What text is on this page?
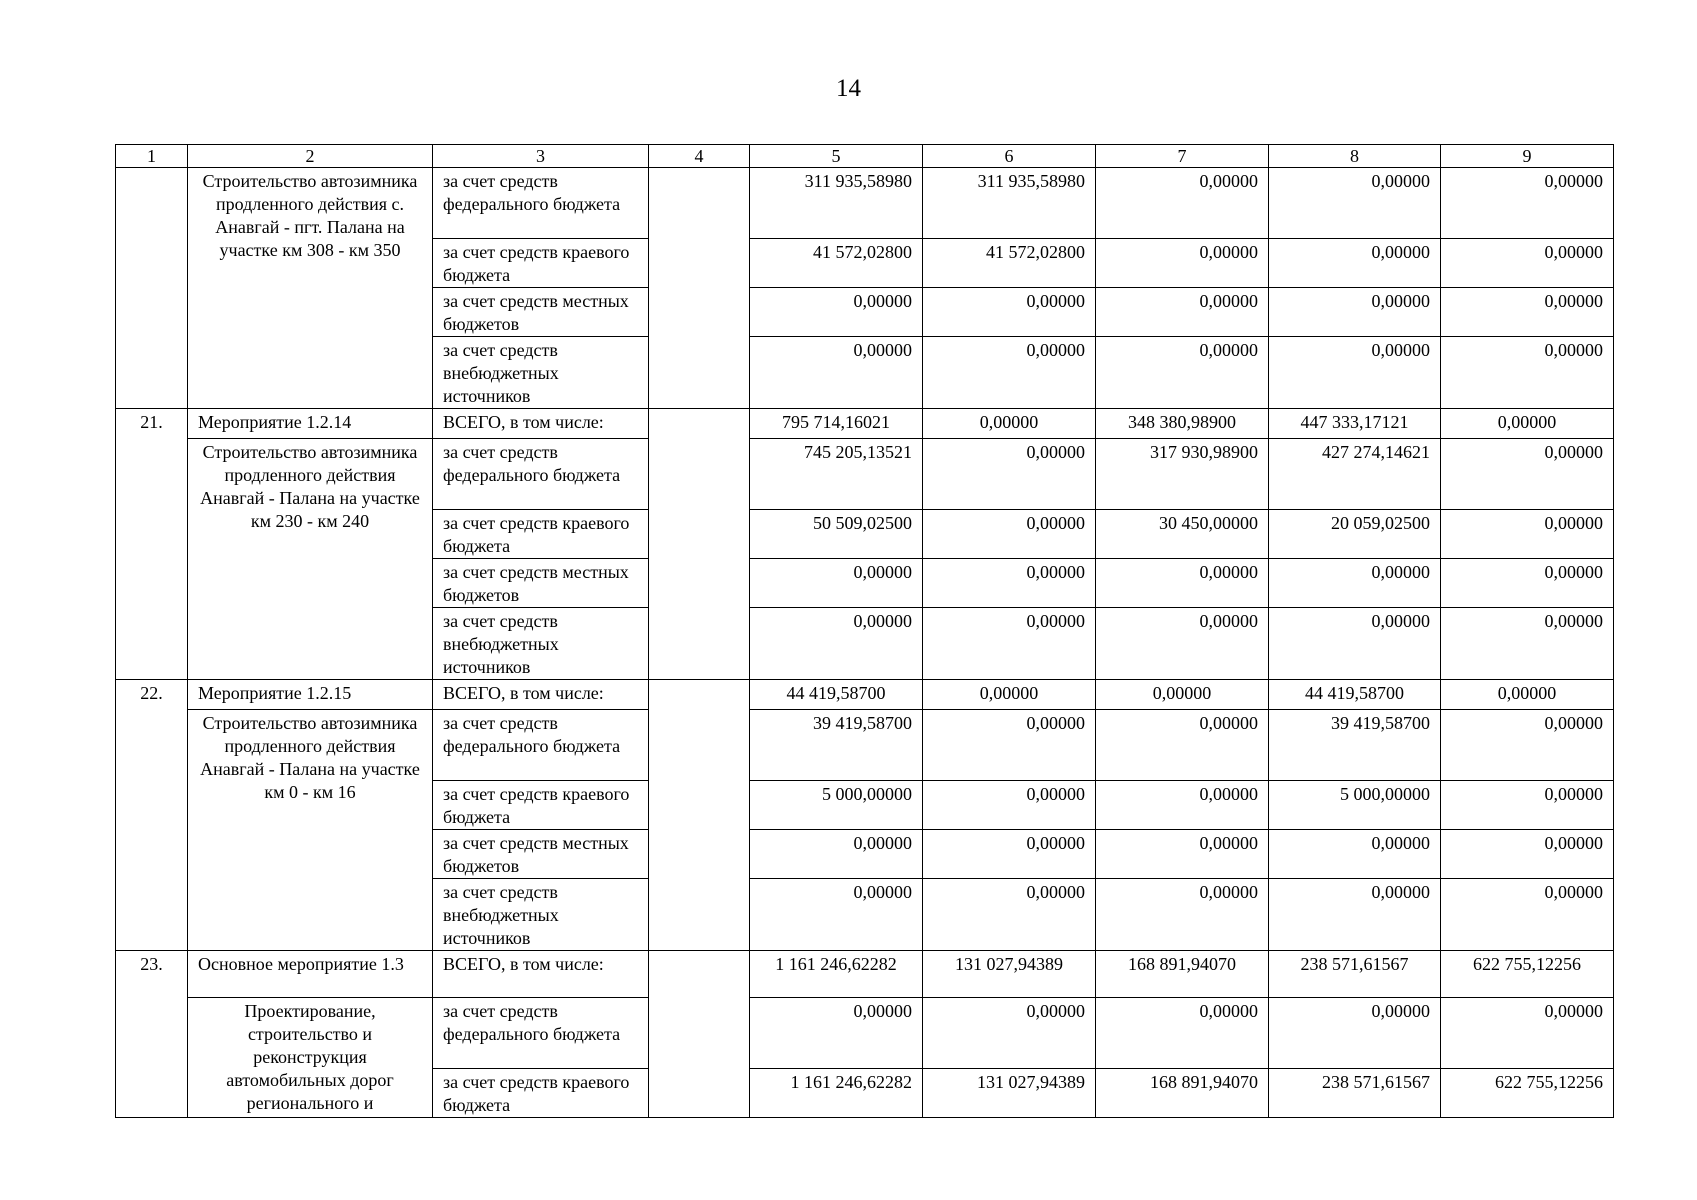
14
1	2	3	4	5	6	7	8	9
	Строительство автозимника продленного действия с. Анавгай - пгт. Палана на участке км 308 - км 350	за счет средств федерального бюджета		311 935,58980	311 935,58980	0,00000	0,00000	0,00000
		за счет средств краевого бюджета		41 572,02800	41 572,02800	0,00000	0,00000	0,00000
		за счет средств местных бюджетов		0,00000	0,00000	0,00000	0,00000	0,00000
		за счет средств внебюджетных источников		0,00000	0,00000	0,00000	0,00000	0,00000
21.	Мероприятие 1.2.14	ВСЕГО, в том числе:		795 714,16021	0,00000	348 380,98900	447 333,17121	0,00000
	Строительство автозимника продленного действия Анавгай - Палана на участке км 230 - км 240	за счет средств федерального бюджета		745 205,13521	0,00000	317 930,98900	427 274,14621	0,00000
		за счет средств краевого бюджета		50 509,02500	0,00000	30 450,00000	20 059,02500	0,00000
		за счет средств местных бюджетов		0,00000	0,00000	0,00000	0,00000	0,00000
		за счет средств внебюджетных источников		0,00000	0,00000	0,00000	0,00000	0,00000
22.	Мероприятие 1.2.15	ВСЕГО, в том числе:		44 419,58700	0,00000	0,00000	44 419,58700	0,00000
	Строительство автозимника продленного действия Анавгай - Палана на участке км 0 - км 16	за счет средств федерального бюджета		39 419,58700	0,00000	0,00000	39 419,58700	0,00000
		за счет средств краевого бюджета		5 000,00000	0,00000	0,00000	5 000,00000	0,00000
		за счет средств местных бюджетов		0,00000	0,00000	0,00000	0,00000	0,00000
		за счет средств внебюджетных источников		0,00000	0,00000	0,00000	0,00000	0,00000
23.	Основное мероприятие 1.3	ВСЕГО, в том числе:		1 161 246,62282	131 027,94389	168 891,94070	238 571,61567	622 755,12256
	Проектирование, строительство и реконструкция автомобильных дорог регионального и	за счет средств федерального бюджета		0,00000	0,00000	0,00000	0,00000	0,00000
		за счет средств краевого бюджета		1 161 246,62282	131 027,94389	168 891,94070	238 571,61567	622 755,12256
